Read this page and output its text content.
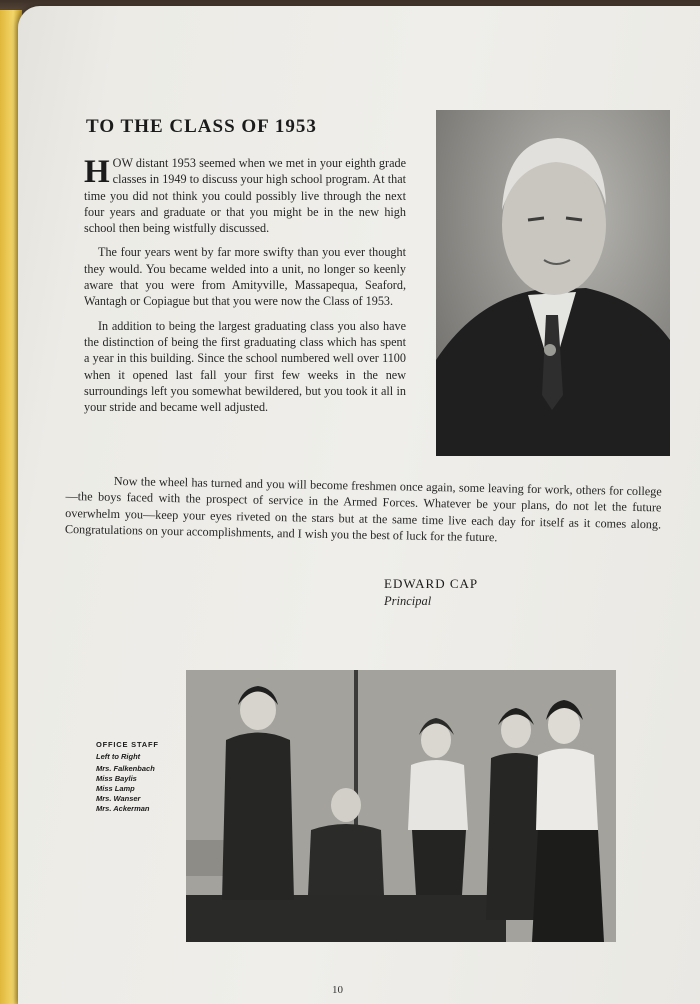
TO THE CLASS OF 1953

HOW distant 1953 seemed when we met in your eighth grade classes in 1949 to discuss your high school program. At that time you did not think you could possibly live through the next four years and graduate or that you might be in the new high school then being wistfully discussed.

The four years went by far more swifty than you ever thought they would. You became welded into a unit, no longer so keenly aware that you were from Amityville, Massapequa, Seaford, Wantagh or Copiague but that you were now the Class of 1953.

In addition to being the largest graduating class you also have the distinction of being the first graduating class which has spent a year in this building. Since the school numbered well over 1100 when it opened last fall your first few weeks in the new surroundings left you somewhat bewildered, but you took it all in your stride and became well adjusted.

Now the wheel has turned and you will become freshmen once again, some leaving for work, others for college—the boys faced with the prospect of service in the Armed Forces. Whatever be your plans, do not let the future overwhelm you—keep your eyes riveted on the stars but at the same time live each day for itself as it comes along. Congratulations on your accomplishments, and I wish you the best of luck for the future.

EDWARD CAP

Principal

OFFICE STAFF
Left to Right
Mrs. Falkenbach
Miss Baylis
Miss Lamp
Mrs. Wanser
Mrs. Ackerman

10
